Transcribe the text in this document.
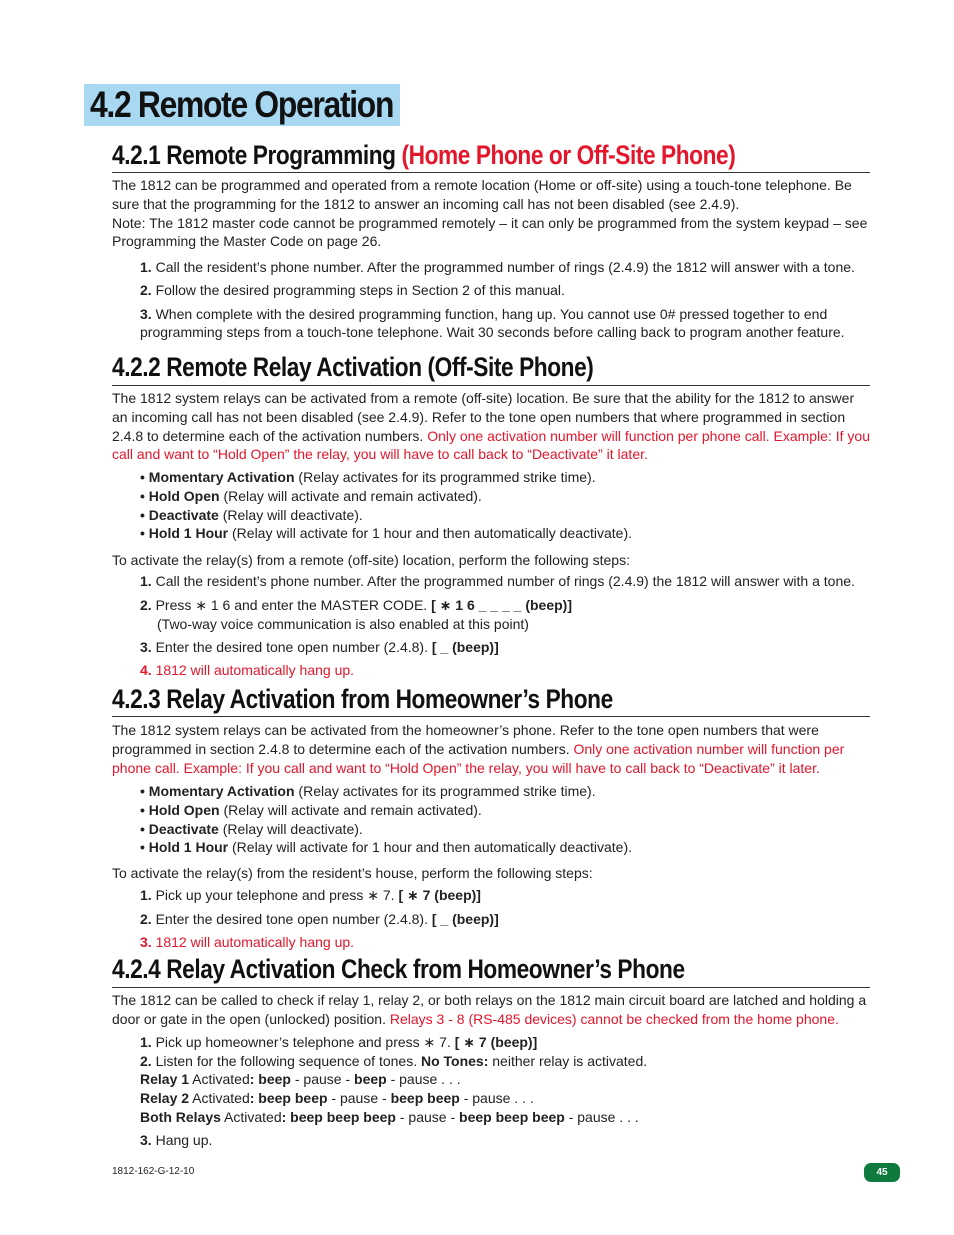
4.2 Remote Operation
4.2.1 Remote Programming (Home Phone or Off-Site Phone)
The 1812 can be programmed and operated from a remote location (Home or off-site) using a touch-tone telephone. Be sure that the programming for the 1812 to answer an incoming call has not been disabled (see 2.4.9).
Note: The 1812 master code cannot be programmed remotely – it can only be programmed from the system keypad – see Programming the Master Code on page 26.
1. Call the resident’s phone number. After the programmed number of rings (2.4.9) the 1812 will answer with a tone.
2. Follow the desired programming steps in Section 2 of this manual.
3. When complete with the desired programming function, hang up. You cannot use 0# pressed together to end
programming steps from a touch-tone telephone. Wait 30 seconds before calling back to program another feature.
4.2.2 Remote Relay Activation (Off-Site Phone)
The 1812 system relays can be activated from a remote (off-site) location. Be sure that the ability for the 1812 to answer an incoming call has not been disabled (see 2.4.9). Refer to the tone open numbers that where programmed in section 2.4.8 to determine each of the activation numbers. Only one activation number will function per phone call. Example: If you call and want to “Hold Open” the relay, you will have to call back to “Deactivate” it later.
• Momentary Activation (Relay activates for its programmed strike time).
• Hold Open (Relay will activate and remain activated).
• Deactivate (Relay will deactivate).
• Hold 1 Hour (Relay will activate for 1 hour and then automatically deactivate).
To activate the relay(s) from a remote (off-site) location, perform the following steps:
1. Call the resident’s phone number. After the programmed number of rings (2.4.9) the 1812 will answer with a tone.
2. Press ∗ 1 6 and enter the MASTER CODE. [ ∗ 1 6 _ _ _ _ (beep)]
(Two-way voice communication is also enabled at this point)
3. Enter the desired tone open number (2.4.8). [ _ (beep)]
4. 1812 will automatically hang up.
4.2.3 Relay Activation from Homeowner’s Phone
The 1812 system relays can be activated from the homeowner’s phone. Refer to the tone open numbers that were programmed in section 2.4.8 to determine each of the activation numbers. Only one activation number will function per phone call. Example: If you call and want to “Hold Open” the relay, you will have to call back to “Deactivate” it later.
• Momentary Activation (Relay activates for its programmed strike time).
• Hold Open (Relay will activate and remain activated).
• Deactivate (Relay will deactivate).
• Hold 1 Hour (Relay will activate for 1 hour and then automatically deactivate).
To activate the relay(s) from the resident’s house, perform the following steps:
1. Pick up your telephone and press ∗ 7. [ ∗ 7 (beep)]
2. Enter the desired tone open number (2.4.8). [ _ (beep)]
3. 1812 will automatically hang up.
4.2.4 Relay Activation Check from Homeowner’s Phone
The 1812 can be called to check if relay 1, relay 2, or both relays on the 1812 main circuit board are latched and holding a door or gate in the open (unlocked) position. Relays 3 - 8 (RS-485 devices) cannot be checked from the home phone.
1. Pick up homeowner’s telephone and press ∗ 7. [ ∗ 7 (beep)]
2. Listen for the following sequence of tones. No Tones: neither relay is activated.
Relay 1 Activated: beep - pause - beep - pause . . .
Relay 2 Activated: beep beep - pause - beep beep - pause . . .
Both Relays Activated: beep beep beep - pause - beep beep beep - pause . . .
3. Hang up.
1812-162-G-12-10	45
